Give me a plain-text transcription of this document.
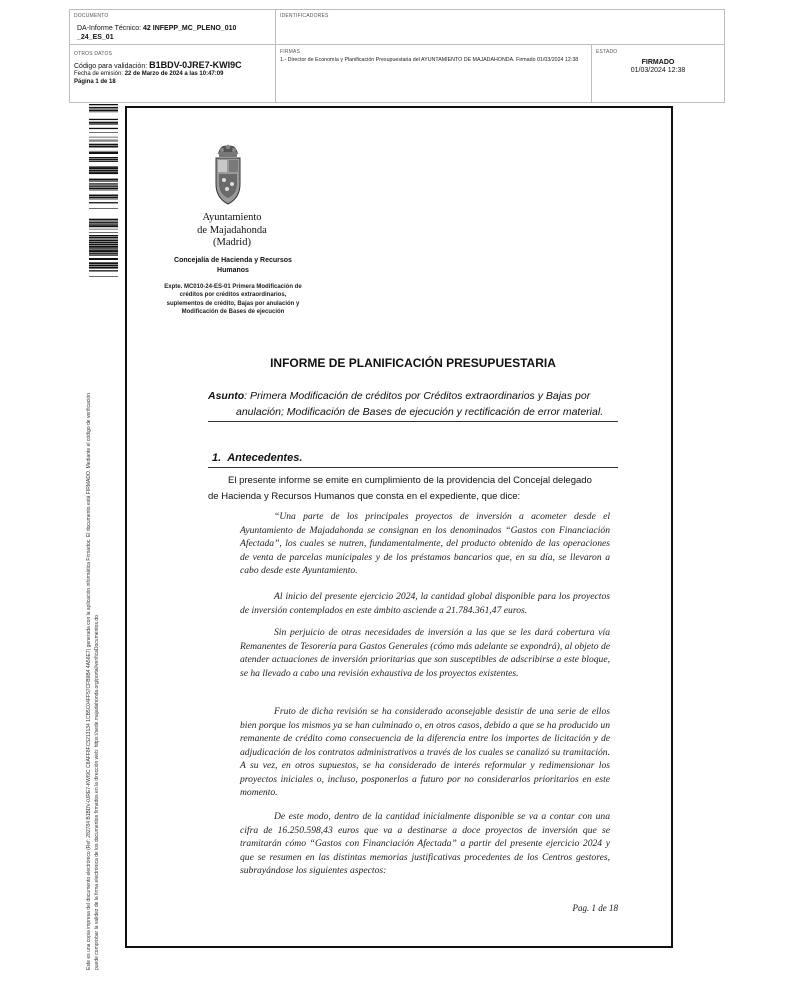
DOCUMENTO
DA-Informe Técnico: 42 INFEPP_MC_PLENO_010
_24_ES_01
IDENTIFICADORES
OTROS DATOS
Código para validación: B1BDV-0JRE7-KWI9C
Fecha de emisión: 22 de Marzo de 2024 a las 10:47:09
Página 1 de 18
FIRMAS
1.- Director de Economía y Planificación Presupuestaria del AYUNTAMIENTO DE MAJADAHONDA. Firmado 01/03/2024 12:38
ESTADO
FIRMADO
01/03/2024 12:38
Este es una copia impresa del documento electrónico (Ref: 282784 B1BDV-0JRE7-KWI9C C8AFF8FC5213134 1CB5C04FF57CFB9B4 4A56E7) generada con la aplicación informática Firmadoc. El documento está FIRMADO. Mediante el código de verificación puede comprobar la validez de la firma electrónica de los documentos firmados en la dirección web: https://sede.majadahonda.org/portal/verificaDocumentos.do
Ayuntamiento
de Majadahonda
(Madrid)
Concejalía de Hacienda y Recursos Humanos
Expte. MC010-24-ES-01 Primera Modificación de créditos por créditos extraordinarios, suplementos de crédito, Bajas por anulación y Modificación de Bases de ejecución
INFORME DE PLANIFICACIÓN PRESUPUESTARIA
Asunto: Primera Modificación de créditos por Créditos extraordinarios y Bajas por
anulación; Modificación de Bases de ejecución y rectificación de error material.
1. Antecedentes.
El presente informe se emite en cumplimiento de la providencia del Concejal delegado
de Hacienda y Recursos Humanos que consta en el expediente, que dice:

“Una parte de los principales proyectos de inversión a acometer desde el Ayuntamiento de Majadahonda se consignan en los denominados “Gastos con Financiación Afectada”, los cuales se nutren, fundamentalmente, del producto obtenido de las operaciones de venta de parcelas municipales y de los préstamos bancarios que, en su día, se llevaron a cabo desde este Ayuntamiento.

Al inicio del presente ejercicio 2024, la cantidad global disponible para los proyectos de inversión contemplados en este ámbito asciende a 21.784.361,47 euros.

Sin perjuicio de otras necesidades de inversión a las que se les dará cobertura vía Remanentes de Tesorería para Gastos Generales (cómo más adelante se expondrá), al objeto de atender actuaciones de inversión prioritarias que son susceptibles de adscribirse a este bloque, se ha llevado a cabo una revisión exhaustiva de los proyectos existentes.

Fruto de dicha revisión se ha considerado aconsejable desistir de una serie de ellos bien porque los mismos ya se han culminado o, en otros casos, debido a que se ha producido un remanente de crédito como consecuencia de la diferencia entre los importes de licitación y de adjudicación de los contratos administrativos a través de los cuales se canalizó su tramitación. A su vez, en otros supuestos, se ha considerado de interés reformular y redimensionar los proyectos iniciales o, incluso, posponerlos a futuro por no considerarlos prioritarios en este momento.

De este modo, dentro de la cantidad inicialmente disponible se va a contar con una cifra de 16.250.598,43 euros que va a destinarse a doce proyectos de inversión que se tramitarán cómo “Gastos con Financiación Afectada” a partir del presente ejercicio 2024 y que se resumen en las distintas memorias justificativas procedentes de los Centros gestores, subrayándose los siguientes aspectos:

Pag. 1 de 18
